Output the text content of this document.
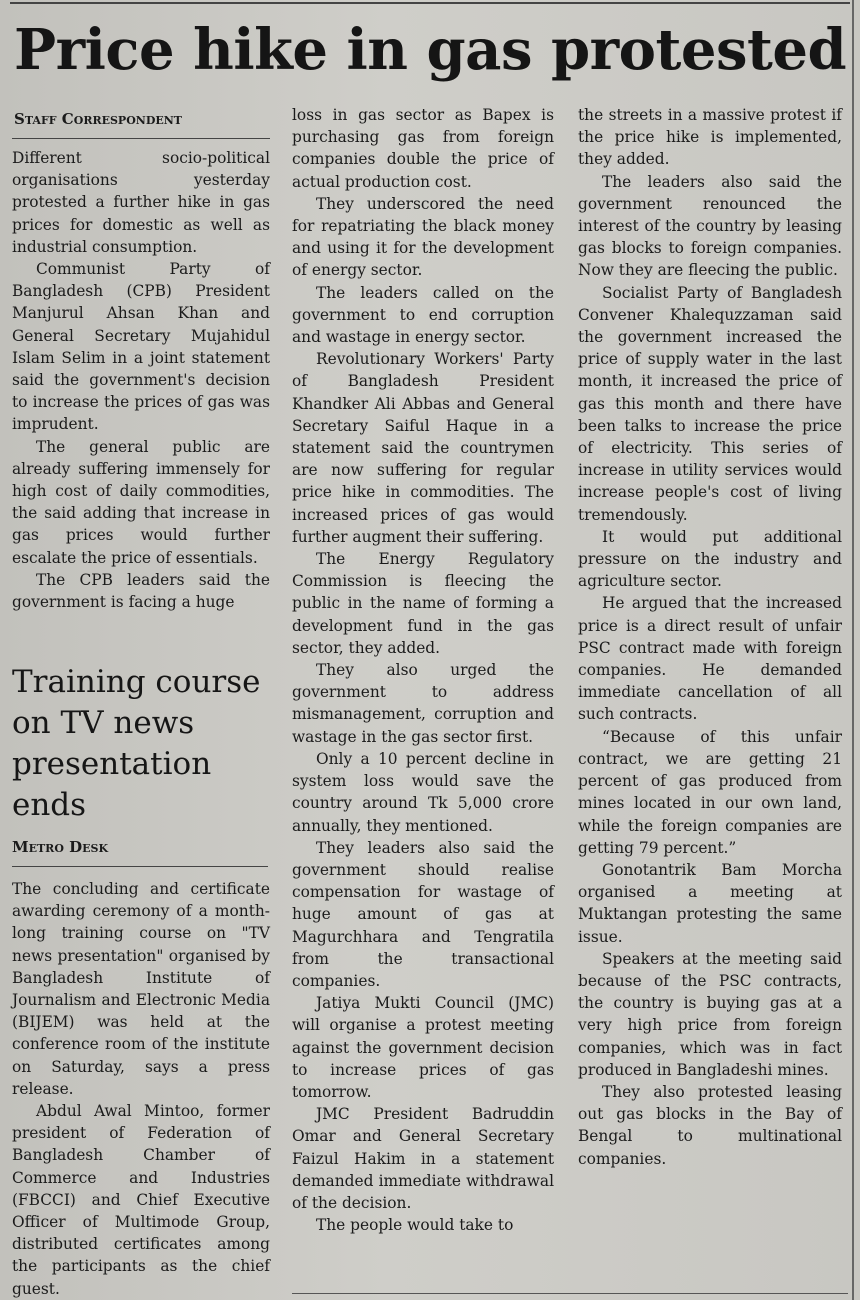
Price hike in gas protested
Staff Correspondent

Different socio-political organisations yesterday protested a further hike in gas prices for domestic as well as industrial consumption.

Communist Party of Bangladesh (CPB) President Manjurul Ahsan Khan and General Secretary Mujahidul Islam Selim in a joint statement said the government's decision to increase the prices of gas was imprudent.

The general public are already suffering immensely for high cost of daily commodities, the said adding that increase in gas prices would further escalate the price of essentials.

The CPB leaders said the government is facing a huge

Training course on TV news presentation ends
Metro Desk

The concluding and certificate awarding ceremony of a month-long training course on "TV news presentation" organised by Bangladesh Institute of Journalism and Electronic Media (BIJEM) was held at the conference room of the institute on Saturday, says a press release.

Abdul Awal Mintoo, former president of Federation of Bangladesh Chamber of Commerce and Industries (FBCCI) and Chief Executive Officer of Multimode Group, distributed certificates among the participants as the chief guest.

loss in gas sector as Bapex is purchasing gas from foreign companies double the price of actual production cost.

They underscored the need for repatriating the black money and using it for the development of energy sector.

The leaders called on the government to end corruption and wastage in energy sector.

Revolutionary Workers' Party of Bangladesh President Khandker Ali Abbas and General Secretary Saiful Haque in a statement said the countrymen are now suffering for regular price hike in commodities. The increased prices of gas would further augment their suffering.

The Energy Regulatory Commission is fleecing the public in the name of forming a development fund in the gas sector, they added.

They also urged the government to address mismanagement, corruption and wastage in the gas sector first.

Only a 10 percent decline in system loss would save the country around Tk 5,000 crore annually, they mentioned.

They leaders also said the government should realise compensation for wastage of huge amount of gas at Magurchhara and Tengratila from the transactional companies.

Jatiya Mukti Council (JMC) will organise a protest meeting against the government decision to increase prices of gas tomorrow.

JMC President Badruddin Omar and General Secretary Faizul Hakim in a statement demanded immediate withdrawal of the decision.

The people would take to

the streets in a massive protest if the price hike is implemented, they added.

The leaders also said the government renounced the interest of the country by leasing gas blocks to foreign companies. Now they are fleecing the public.

Socialist Party of Bangladesh Convener Khalequzzaman said the government increased the price of supply water in the last month, it increased the price of gas this month and there have been talks to increase the price of electricity. This series of increase in utility services would increase people's cost of living tremendously.

It would put additional pressure on the industry and agriculture sector.

He argued that the increased price is a direct result of unfair PSC contract made with foreign companies. He demanded immediate cancellation of all such contracts.

“Because of this unfair contract, we are getting 21 percent of gas produced from mines located in our own land, while the foreign companies are getting 79 percent.”

Gonotantrik Bam Morcha organised a meeting at Muktangan protesting the same issue.

Speakers at the meeting said because of the PSC contracts, the country is buying gas at a very high price from foreign companies, which was in fact produced in Bangladeshi mines.

They also protested leasing out gas blocks in the Bay of Bengal to multinational companies.
